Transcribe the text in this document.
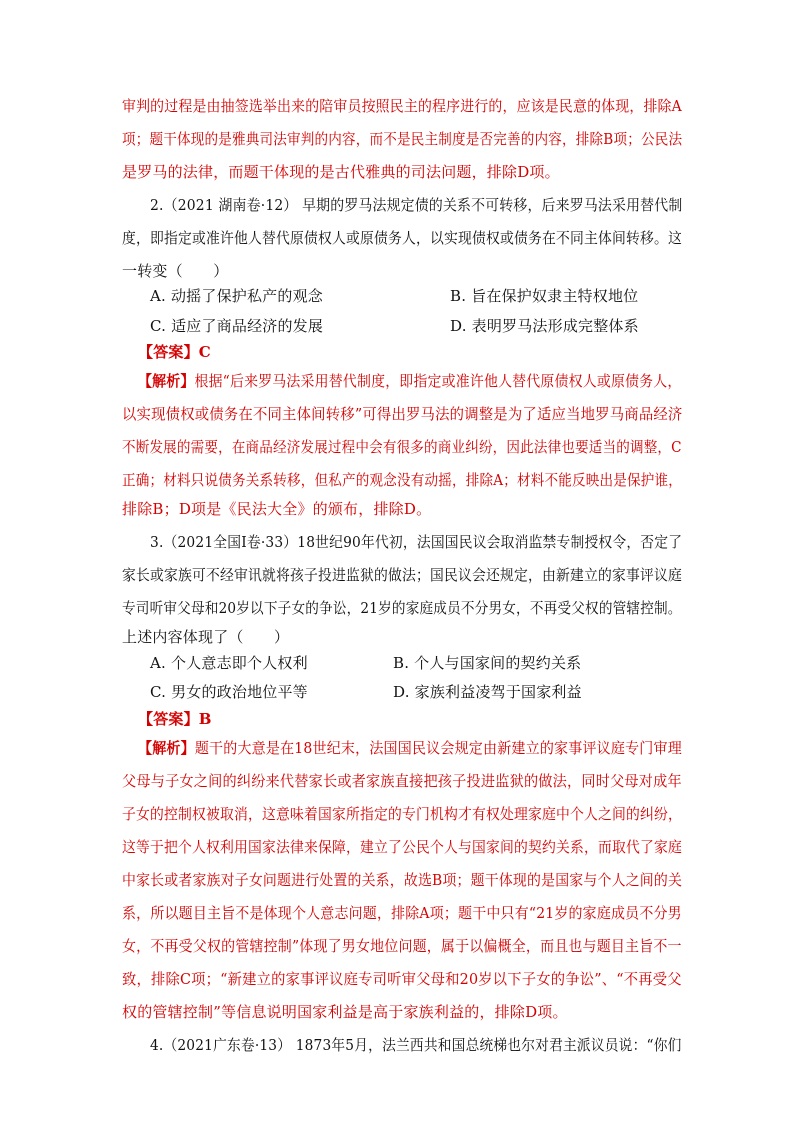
审判的过程是由抽签选举出来的陪审员按照民主的程序进行的，应该是民意的体现，排除A
项；题干体现的是雅典司法审判的内容，而不是民主制度是否完善的内容，排除B项；公民法
是罗马的法律，而题干体现的是古代雅典的司法问题，排除D项。
2.（2021 湖南卷·12） 早期的罗马法规定债的关系不可转移，后来罗马法采用替代制
度，即指定或准许他人替代原债权人或原债务人，以实现债权或债务在不同主体间转移。这
一转变（　　）
A. 动摇了保护私产的观念	B. 旨在保护奴隶主特权地位
C. 适应了商品经济的发展	D. 表明罗马法形成完整体系
【答案】C
【解析】根据“后来罗马法采用替代制度，即指定或准许他人替代原债权人或原债务人，
以实现债权或债务在不同主体间转移”可得出罗马法的调整是为了适应当地罗马商品经济
不断发展的需要，在商品经济发展过程中会有很多的商业纠纷，因此法律也要适当的调整，C
正确；材料只说债务关系转移，但私产的观念没有动摇，排除A；材料不能反映出是保护谁，
排除B；D项是《民法大全》的颁布，排除D。
3.（2021全国Ⅰ卷·33）18世纪90年代初，法国国民议会取消监禁专制授权令，否定了
家长或家族可不经审讯就将孩子投进监狱的做法；国民议会还规定，由新建立的家事评议庭
专司听审父母和20岁以下子女的争讼，21岁的家庭成员不分男女，不再受父权的管辖控制。
上述内容体现了（　　）
A. 个人意志即个人权利	B. 个人与国家间的契约关系
C. 男女的政治地位平等	D. 家族利益凌驾于国家利益
【答案】B
【解析】题干的大意是在18世纪末，法国国民议会规定由新建立的家事评议庭专门审理
父母与子女之间的纠纷来代替家长或者家族直接把孩子投进监狱的做法，同时父母对成年
子女的控制权被取消，这意味着国家所指定的专门机构才有权处理家庭中个人之间的纠纷，
这等于把个人权利用国家法律来保障，建立了公民个人与国家间的契约关系，而取代了家庭
中家长或者家族对子女问题进行处置的关系，故选B项；题干体现的是国家与个人之间的关
系，所以题目主旨不是体现个人意志问题，排除A项；题干中只有“21岁的家庭成员不分男
女，不再受父权的管辖控制”体现了男女地位问题，属于以偏概全，而且也与题目主旨不一
致，排除C项；“新建立的家事评议庭专司听审父母和20岁以下子女的争讼”、“不再受父
权的管辖控制”等信息说明国家利益是高于家族利益的，排除D项。
4.（2021广东卷·13） 1873年5月，法兰西共和国总统梯也尔对君主派议员说：“你们
